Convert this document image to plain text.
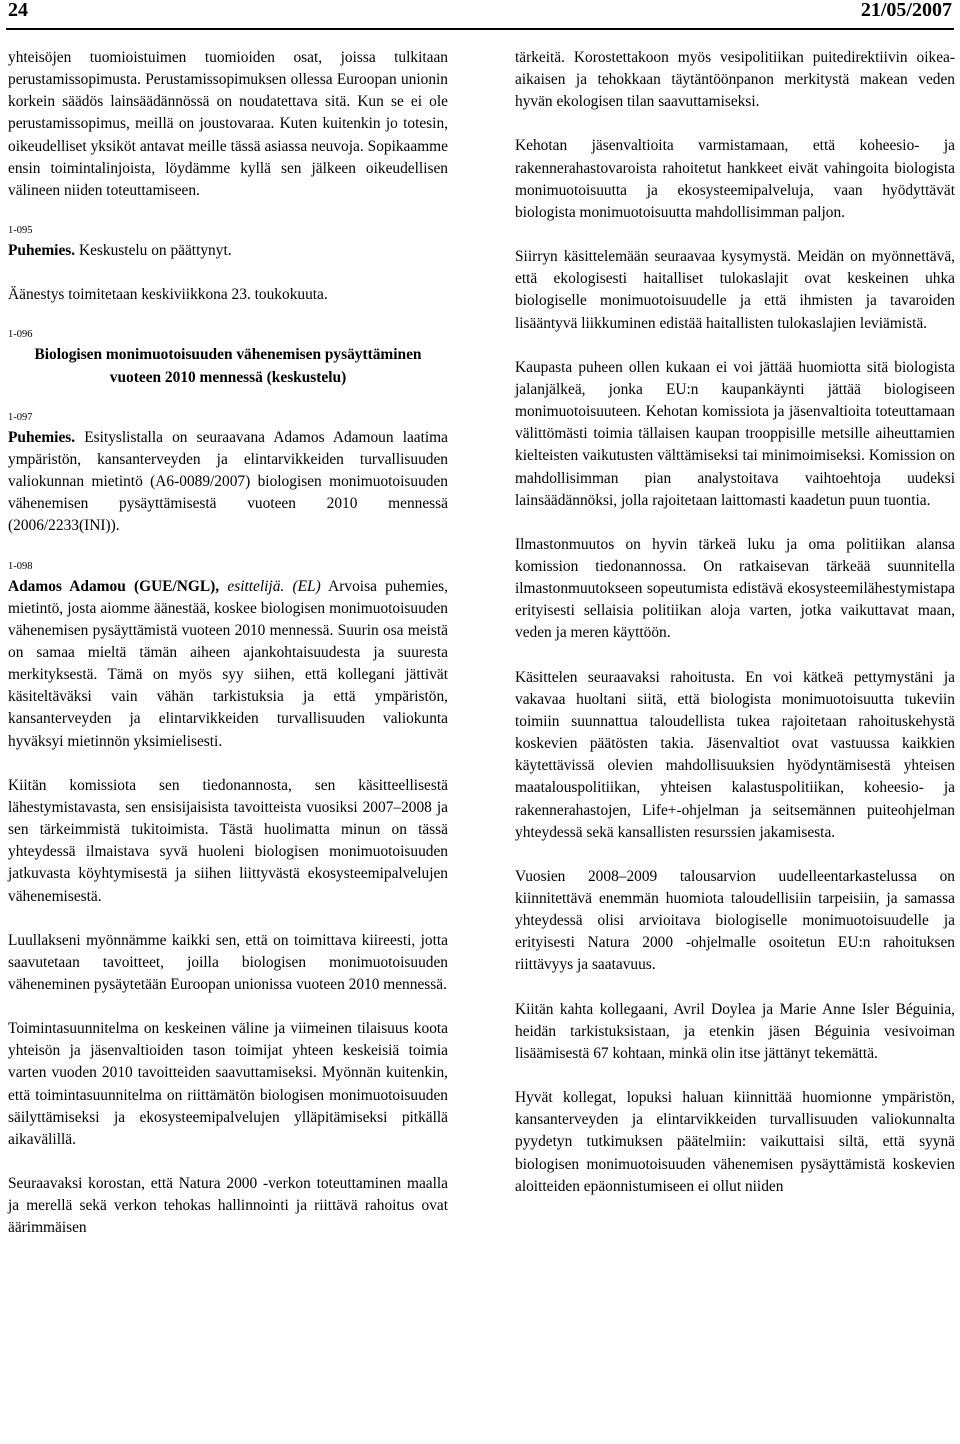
24	21/05/2007

yhteisöjen tuomioistuimen tuomioiden osat, joissa tulkitaan perustamissopimusta. Perustamissopimuksen ollessa Euroopan unionin korkein säädös lainsäädännössä on noudatettava sitä. Kun se ei ole perustamissopimus, meillä on joustovaraa. Kuten kuitenkin jo totesin, oikeudelliset yksiköt antavat meille tässä asiassa neuvoja. Sopikaamme ensin toimintalinjoista, löydämme kyllä sen jälkeen oikeudellisen välineen niiden toteuttamiseen.

1-095

Puhemies. Keskustelu on päättynyt.

Äänestys toimitetaan keskiviikkona 23. toukokuuta.

1-096
Biologisen monimuotoisuuden vähenemisen pysäyttäminen vuoteen 2010 mennessä (keskustelu)
1-097

Puhemies. Esityslistalla on seuraavana Adamos Adamoun laatima ympäristön, kansanterveyden ja elintarvikkeiden turvallisuuden valiokunnan mietintö (A6-0089/2007) biologisen monimuotoisuuden vähenemisen pysäyttämisestä vuoteen 2010 mennessä (2006/2233(INI)).

1-098

Adamos Adamou (GUE/NGL), esittelijä. (EL) Arvoisa puhemies, mietintö, josta aiomme äänestää, koskee biologisen monimuotoisuuden vähenemisen pysäyttämistä vuoteen 2010 mennessä. Suurin osa meistä on samaa mieltä tämän aiheen ajankohtaisuudesta ja suuresta merkityksestä. Tämä on myös syy siihen, että kollegani jättivät käsiteltäväksi vain vähän tarkistuksia ja että ympäristön, kansanterveyden ja elintarvikkeiden turvallisuuden valiokunta hyväksyi mietinnön yksimielisesti.

Kiitän komissiota sen tiedonannosta, sen käsitteellisestä lähestymistavasta, sen ensisijaisista tavoitteista vuosiksi 2007–2008 ja sen tärkeimmistä tukitoimista. Tästä huolimatta minun on tässä yhteydessä ilmaistava syvä huoleni biologisen monimuotoisuuden jatkuvasta köyhtymisestä ja siihen liittyvästä ekosysteemipalvelujen vähenemisestä.

Luullakseni myönnämme kaikki sen, että on toimittava kiireesti, jotta saavutetaan tavoitteet, joilla biologisen monimuotoisuuden väheneminen pysäytetään Euroopan unionissa vuoteen 2010 mennessä.

Toimintasuunnitelma on keskeinen väline ja viimeinen tilaisuus koota yhteisön ja jäsenvaltioiden tason toimijat yhteen keskeisiä toimia varten vuoden 2010 tavoitteiden saavuttamiseksi. Myönnän kuitenkin, että toimintasuunnitelma on riittämätön biologisen monimuotoisuuden säilyttämiseksi ja ekosysteemipalvelujen ylläpitämiseksi pitkällä aikavälillä.

Seuraavaksi korostan, että Natura 2000 -verkon toteuttaminen maalla ja merellä sekä verkon tehokas hallinnointi ja riittävä rahoitus ovat äärimmäisen

tärkeitä. Korostettakoon myös vesipolitiikan puitedirektiivin oikea-aikaisen ja tehokkaan täytäntöönpanon merkitystä makean veden hyvän ekologisen tilan saavuttamiseksi.

Kehotan jäsenvaltioita varmistamaan, että koheesio- ja rakennerahastovaroista rahoitetut hankkeet eivät vahingoita biologista monimuotoisuutta ja ekosysteemipalveluja, vaan hyödyttävät biologista monimuotoisuutta mahdollisimman paljon.

Siirryn käsittelemään seuraavaa kysymystä. Meidän on myönnettävä, että ekologisesti haitalliset tulokaslajit ovat keskeinen uhka biologiselle monimuotoisuudelle ja että ihmisten ja tavaroiden lisääntyvä liikkuminen edistää haitallisten tulokaslajien leviämistä.

Kaupasta puheen ollen kukaan ei voi jättää huomiotta sitä biologista jalanjälkeä, jonka EU:n kaupankäynti jättää biologiseen monimuotoisuuteen. Kehotan komissiota ja jäsenvaltioita toteuttamaan välittömästi toimia tällaisen kaupan trooppisille metsille aiheuttamien kielteisten vaikutusten välttämiseksi tai minimoimiseksi. Komission on mahdollisimman pian analystoitava vaihtoehtoja uudeksi lainsäädännöksi, jolla rajoitetaan laittomasti kaadetun puun tuontia.

Ilmastonmuutos on hyvin tärkeä luku ja oma politiikan alansa komission tiedonannossa. On ratkaisevan tärkeää suunnitella ilmastonmuutokseen sopeutumista edistävä ekosysteemilähestymistapa erityisesti sellaisia politiikan aloja varten, jotka vaikuttavat maan, veden ja meren käyttöön.

Käsittelen seuraavaksi rahoitusta. En voi kätkeä pettymystäni ja vakavaa huoltani siitä, että biologista monimuotoisuutta tukeviin toimiin suunnattua taloudellista tukea rajoitetaan rahoituskehystä koskevien päätösten takia. Jäsenvaltiot ovat vastuussa kaikkien käytettävissä olevien mahdollisuuksien hyödyntämisestä yhteisen maatalouspolitiikan, yhteisen kalastuspolitiikan, koheesio- ja rakennerahastojen, Life+-ohjelman ja seitsemännen puiteohjelman yhteydessä sekä kansallisten resurssien jakamisesta.

Vuosien 2008–2009 talousarvion uudelleentarkastelussa on kiinnitettävä enemmän huomiota taloudellisiin tarpeisiin, ja samassa yhteydessä olisi arvioitava biologiselle monimuotoisuudelle ja erityisesti Natura 2000 -ohjelmalle osoitetun EU:n rahoituksen riittävyys ja saatavuus.

Kiitän kahta kollegaani, Avril Doylea ja Marie Anne Isler Béguinia, heidän tarkistuksistaan, ja etenkin jäsen Béguinia vesivoiman lisäämisestä 67 kohtaan, minkä olin itse jättänyt tekemättä.

Hyvät kollegat, lopuksi haluan kiinnittää huomionne ympäristön, kansanterveyden ja elintarvikkeiden turvallisuuden valiokunnalta pyydetyn tutkimuksen päätelmiin: vaikuttaisi siltä, että syynä biologisen monimuotoisuuden vähenemisen pysäyttämistä koskevien aloitteiden epäonnistumiseen ei ollut niiden
